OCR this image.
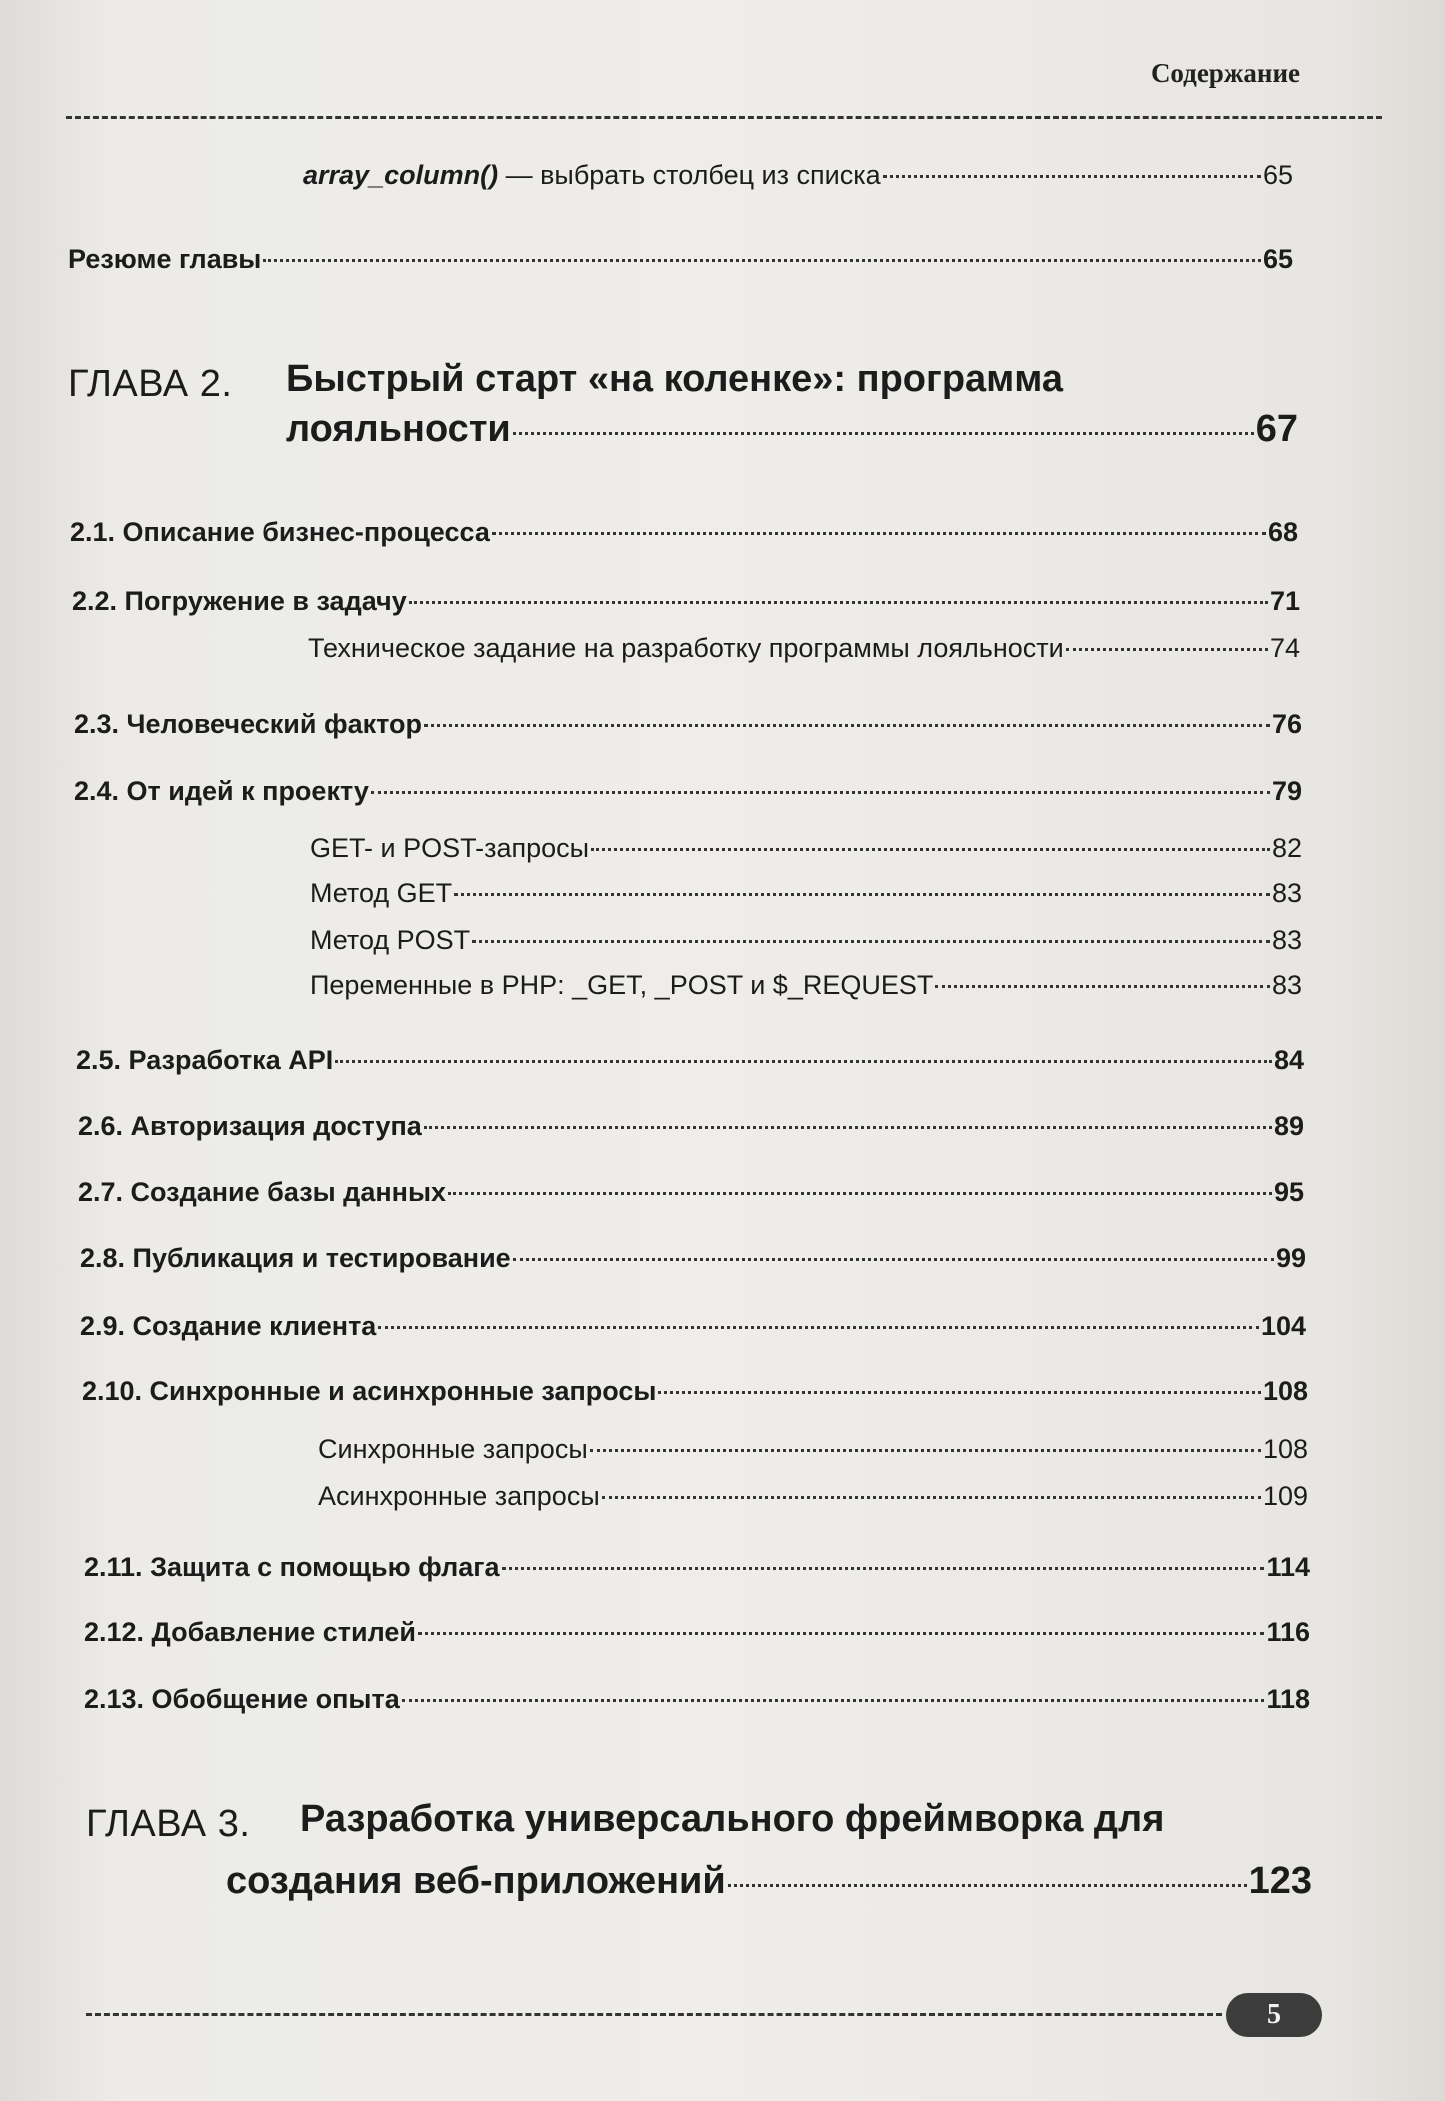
Содержание
array_column() — выбрать столбец из списка	65
Резюме главы	65
ГЛАВА 2. Быстрый старт «на коленке»: программа
лояльности	67
2.1. Описание бизнес-процесса	68
2.2. Погружение в задачу	71
Техническое задание на разработку программы лояльности	74
2.3. Человеческий фактор	76
2.4. От идей к проекту	79
GET- и POST-запросы	82
Метод GET	83
Метод POST	83
Переменные в PHP: _GET, _POST и $_REQUEST	83
2.5. Разработка API	84
2.6. Авторизация доступа	89
2.7. Создание базы данных	95
2.8. Публикация и тестирование	99
2.9. Создание клиента	104
2.10. Синхронные и асинхронные запросы	108
Синхронные запросы	108
Асинхронные запросы	109
2.11. Защита с помощью флага	114
2.12. Добавление стилей	116
2.13. Обобщение опыта	118
ГЛАВА 3. Разработка универсального фреймворка для
создания веб-приложений	123
5
